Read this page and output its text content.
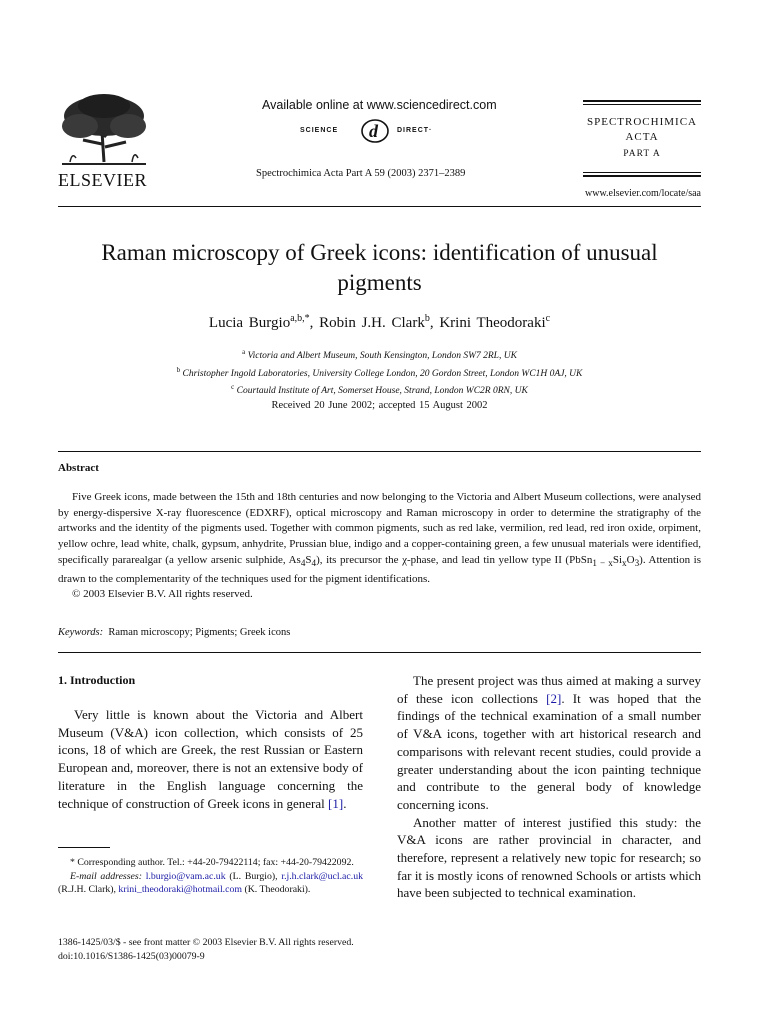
ELSEVIER
Available online at www.sciencedirect.com
SCIENCE d	DIRECT·
Spectrochimica Acta Part A 59 (2003) 2371–2389
SPECTROCHIMICA
ACTA
PART A
www.elsevier.com/locate/saa
Raman microscopy of Greek icons: identification of unusual pigments
Lucia Burgio$^{a,b,*}$, Robin J.H. Clark$^b$, Krini Theodoraki$^c$
$^a$ Victoria and Albert Museum, South Kensington, London SW7 2RL, UK
$^b$ Christopher Ingold Laboratories, University College London, 20 Gordon Street, London WC1H 0AJ, UK
$^c$ Courtauld Institute of Art, Somerset House, Strand, London WC2R 0RN, UK
Received 20 June 2002; accepted 15 August 2002
Abstract

Five Greek icons, made between the 15th and 18th centuries and now belonging to the Victoria and Albert Museum collections, were analysed by energy-dispersive X-ray fluorescence (EDXRF), optical microscopy and Raman microscopy in order to determine the stratigraphy of the artworks and the identity of the pigments used. Together with common pigments, such as red lake, vermilion, red lead, red iron oxide, orpiment, yellow ochre, lead white, chalk, gypsum, anhydrite, Prussian blue, indigo and a copper-containing green, a few unusual materials were identified, specifically pararealgar (a yellow arsenic sulphide, $As_4S_4$), its precursor the χ-phase, and lead tin yellow type II $(PbSn_{1 - x}Si_xO_3)$. Attention is drawn to the complementarity of the techniques used for the pigment identifications.

© 2003 Elsevier B.V. All rights reserved.

Keywords: Raman microscopy; Pigments; Greek icons
1. Introduction

Very little is known about the Victoria and Albert Museum (V&A) icon collection, which consists of 25 icons, 18 of which are Greek, the rest Russian or Eastern European and, moreover, there is not an extensive body of literature in the English language concerning the technique of construction of Greek icons in general [1].

* Corresponding author. Tel.: +44-20-79422114; fax: +44-20-79422092.

E-mail addresses: l.burgio@vam.ac.uk (L. Burgio), r.j.h.clark@ucl.ac.uk (R.J.H. Clark), krini_theodoraki@hotmail.com (K. Theodoraki).

The present project was thus aimed at making a survey of these icon collections [2]. It was hoped that the findings of the technical examination of a small number of V&A icons, together with art historical research and comparisons with relevant recent studies, could provide a greater understanding about the icon painting technique and contribute to the general body of knowledge concerning icons.

Another matter of interest justified this study: the V&A icons are rather provincial in character, and therefore, represent a relatively new topic for research; so far it is mostly icons of renowned Schools or artists which have been subjected to technical examination.

1386-1425/03/$ - see front matter © 2003 Elsevier B.V. All rights reserved.
doi:10.1016/S1386-1425(03)00079-9
